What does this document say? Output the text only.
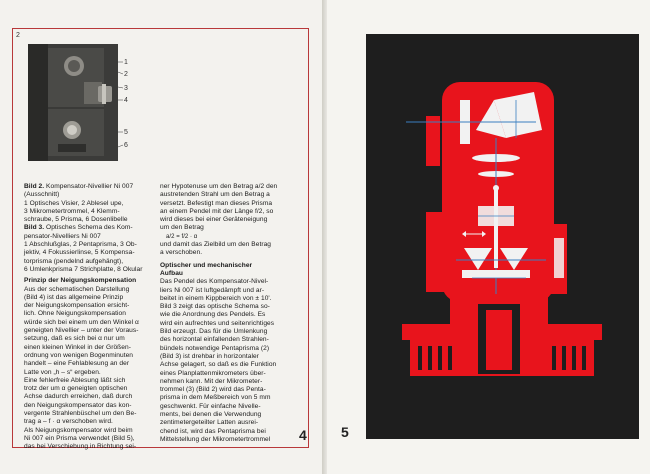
2
1
2
3
4
5
6

Bild 2. Kompensator-Nivellier Ni 007

(Ausschnitt)

1 Optisches Visier, 2 Ablesel upe,

3 Mikrometertrommel, 4 Klemm-

schraube, 5 Prisma, 6 Dosenlibelle

Bild 3. Optisches Schema des Kom-

pensator-Nivelliers Ni 007

1 Abschlußglas, 2 Pentaprisma, 3 Ob-

jektiv, 4 Fokussierlinse, 5 Kompensa-

torprisma (pendelnd aufgehängt),

6 Umlenkprisma 7 Strichplatte, 8 Okular

Prinzip der Neigungskompensation

Aus der schematischen Darstellung

(Bild 4) ist das allgemeine Prinzip

der Neigungskompensation ersicht-

lich. Ohne Neigungskompensation

würde sich bei einem um den Winkel α

geneigten Nivellier – unter der Voraus-

setzung, daß es sich bei α nur um

einen kleinen Winkel in der Größen-

ordnung von wenigen Bogenminuten

handelt – eine Fehlablesung an der

Latte von „h – s“ ergeben.

Eine fehlerfreie Ablesung läßt sich

trotz der um α geneigten optischen

Achse dadurch erreichen, daß durch

den Neigungskompensator das kon-

vergente Strahlenbüschel um den Be-

trag a – f · α verschoben wird.

Als Neigungskompensator wird beim

Ni 007 ein Prisma verwendet (Bild 5),

das bei Verschiebung in Richtung sei-

ner Hypotenuse um den Betrag a/2 den

austretenden Strahl um den Betrag a

versetzt. Befestigt man dieses Prisma

an einem Pendel mit der Länge f/2, so

wird dieses bei einer Geräteneigung

um den Betrag

a/2 = f/2 · α

und damit das Zielbild um den Betrag

a verschoben.

Optischer und mechanischer

Aufbau

Das Pendel des Kompensator-Nivel-

liers Ni 007 ist luftgedämpft und ar-

beitet in einem Kippbereich von ± 10'.

Bild 3 zeigt das optische Schema so-

wie die Anordnung des Pendels. Es

wird ein aufrechtes und seitenrichtiges

Bild erzeugt. Das für die Umlenkung

des horizontal einfallenden Strahlen-

bündels notwendige Pentaprisma (2)

(Bild 3) ist drehbar in horizontaler

Achse gelagert, so daß es die Funktion

eines Planplattenmikrometers über-

nehmen kann. Mit der Mikrometer-

trommel (3) (Bild 2) wird das Penta-

prisma in dem Meßbereich von 5 mm

geschwenkt. Für einfache Nivelle-

ments, bei denen die Verwendung

zentimetergeteilter Latten ausrei-

chend ist, wird das Pentaprisma bei

Mittelstellung der Mikrometertrommel	4 5
